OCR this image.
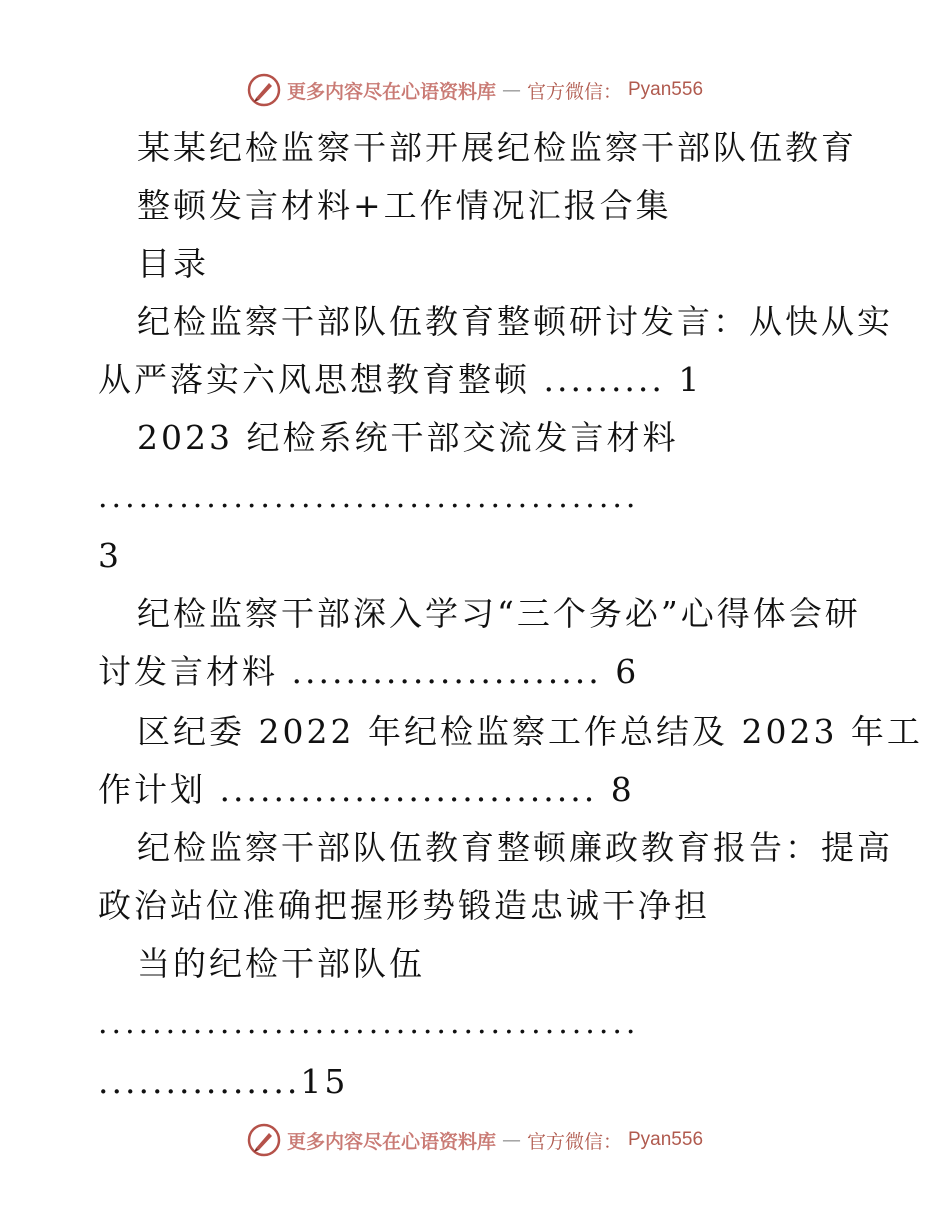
更多内容尽在心语资料库 — 官方微信： Pyan556
某某纪检监察干部开展纪检监察干部队伍教育
整顿发言材料+工作情况汇报合集
目录
纪检监察干部队伍教育整顿研讨发言：从快从实
从严落实六风思想教育整顿 ......... 1
2023 纪检系统干部交流发言材料
........................................
3
纪检监察干部深入学习“三个务必”心得体会研
讨发言材料 ....................... 6
区纪委 2022 年纪检监察工作总结及 2023 年工
作计划 ............................ 8
纪检监察干部队伍教育整顿廉政教育报告：提高
政治站位准确把握形势锻造忠诚干净担
当的纪检干部队伍
........................................
...............15
更多内容尽在心语资料库 — 官方微信： Pyan556
